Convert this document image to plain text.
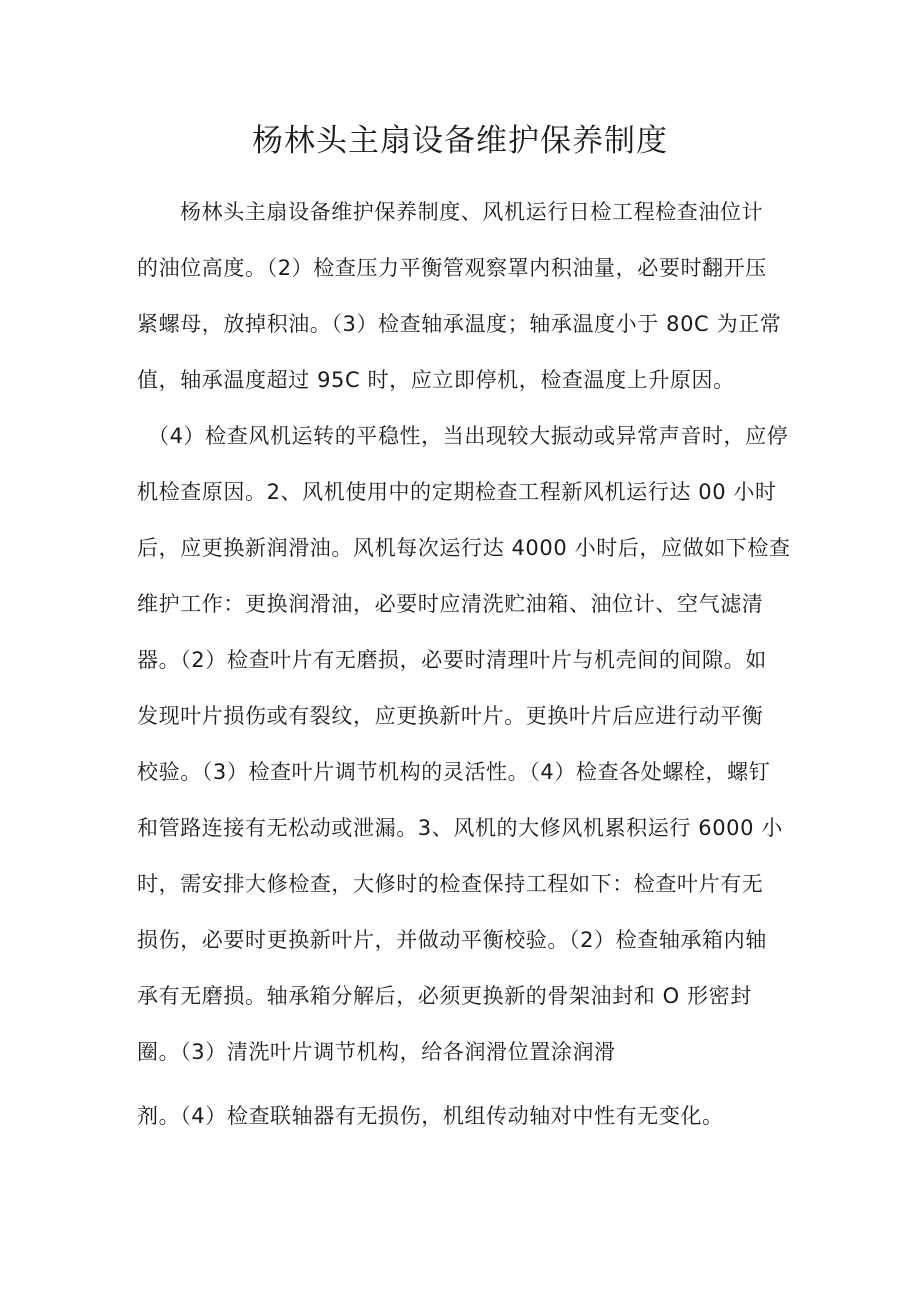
杨林头主扇设备维护保养制度
杨林头主扇设备维护保养制度、风机运行日检工程检查油位计
的油位高度。（2）检查压力平衡管观察罩内积油量，必要时翻开压
紧螺母，放掉积油。（3）检查轴承温度；轴承温度小于 80C 为正常
值，轴承温度超过 95C 时，应立即停机，检查温度上升原因。
（4）检查风机运转的平稳性，当出现较大振动或异常声音时，应停
机检查原因。2、风机使用中的定期检查工程新风机运行达 00 小时
后，应更换新润滑油。风机每次运行达 4000 小时后，应做如下检查
维护工作：更换润滑油，必要时应清洗贮油箱、油位计、空气滤清
器。（2）检查叶片有无磨损，必要时清理叶片与机壳间的间隙。如
发现叶片损伤或有裂纹，应更换新叶片。更换叶片后应进行动平衡
校验。（3）检查叶片调节机构的灵活性。（4）检查各处螺栓，螺钉
和管路连接有无松动或泄漏。3、风机的大修风机累积运行 6000 小
时，需安排大修检查，大修时的检查保持工程如下：检查叶片有无
损伤，必要时更换新叶片，并做动平衡校验。（2）检查轴承箱内轴
承有无磨损。轴承箱分解后，必须更换新的骨架油封和 O 形密封
圈。（3）清洗叶片调节机构，给各润滑位置涂润滑
剂。（4）检查联轴器有无损伤，机组传动轴对中性有无变化。
